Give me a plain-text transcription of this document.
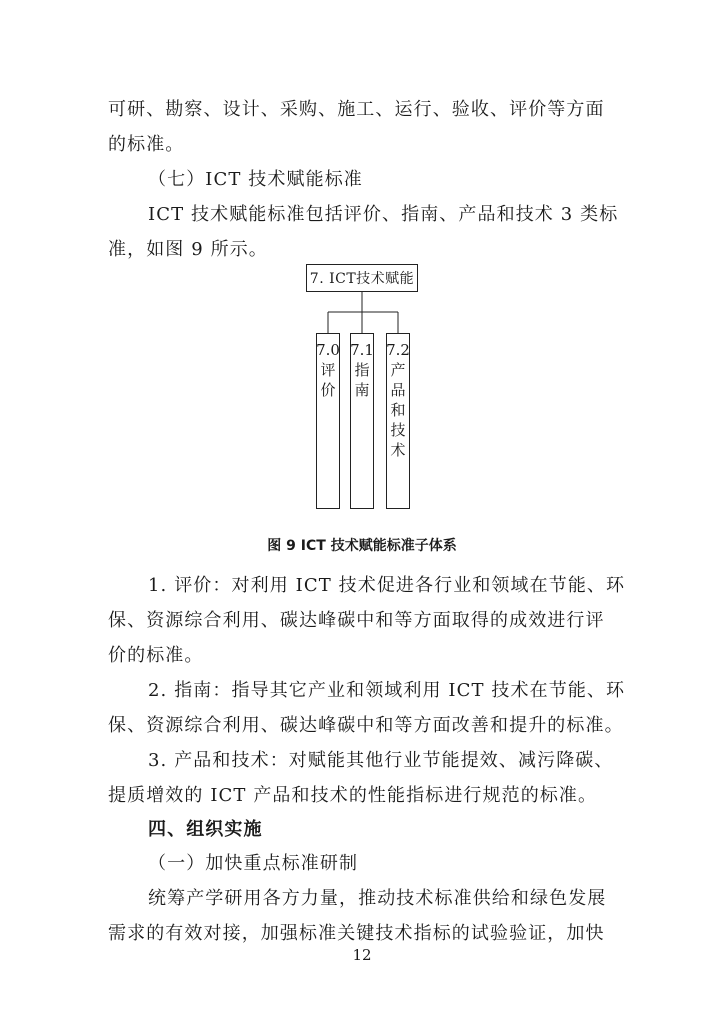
可研、勘察、设计、采购、施工、运行、验收、评价等方面
的标准。
（七）ICT 技术赋能标准
ICT 技术赋能标准包括评价、指南、产品和技术 3 类标
准，如图 9 所示。
7. ICT技术赋能
7.0
评
价
7.1
指
南
7.2
产
品
和
技
术
图 9 ICT 技术赋能标准子体系
1. 评价：对利用 ICT 技术促进各行业和领域在节能、环
保、资源综合利用、碳达峰碳中和等方面取得的成效进行评
价的标准。
2. 指南：指导其它产业和领域利用 ICT 技术在节能、环
保、资源综合利用、碳达峰碳中和等方面改善和提升的标准。
3. 产品和技术：对赋能其他行业节能提效、减污降碳、
提质增效的 ICT 产品和技术的性能指标进行规范的标准。
四、组织实施
（一）加快重点标准研制
统筹产学研用各方力量，推动技术标准供给和绿色发展
需求的有效对接，加强标准关键技术指标的试验验证，加快
12
